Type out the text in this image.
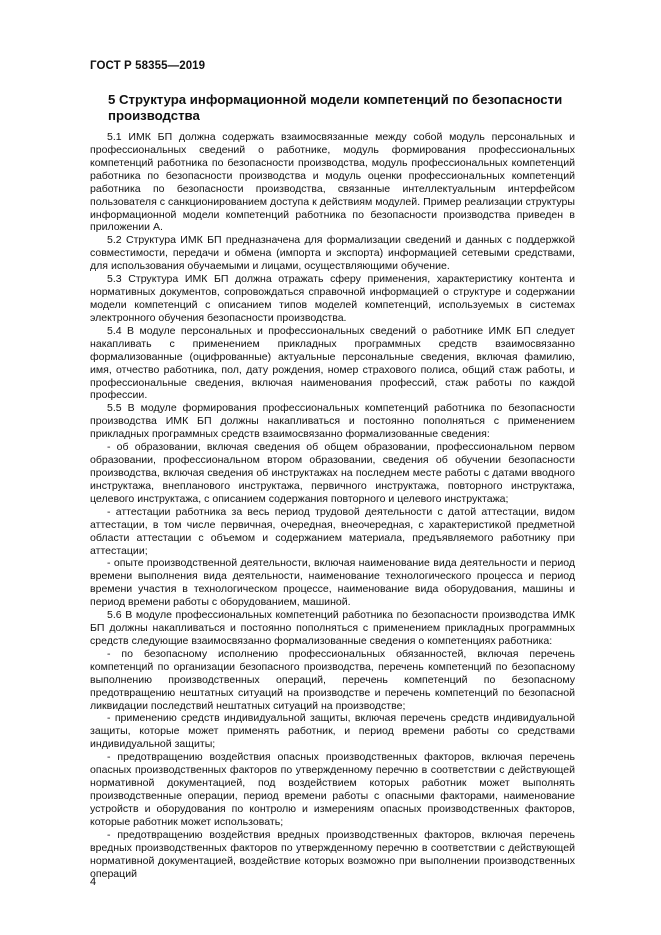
ГОСТ Р 58355—2019
5 Структура информационной модели компетенций по безопасности производства

5.1 ИМК БП должна содержать взаимосвязанные между собой модуль персональных и профессиональных сведений о работнике, модуль формирования профессиональных компетенций работника по безопасности производства, модуль профессиональных компетенций работника по безопасности производства и модуль оценки профессиональных компетенций работника по безопасности производства, связанные интеллектуальным интерфейсом пользователя с санкционированием доступа к действиям модулей. Пример реализации структуры информационной модели компетенций работника по безопасности производства приведен в приложении А.

5.2 Структура ИМК БП предназначена для формализации сведений и данных с поддержкой совместимости, передачи и обмена (импорта и экспорта) информацией сетевыми средствами, для использования обучаемыми и лицами, осуществляющими обучение.

5.3 Структура ИМК БП должна отражать сферу применения, характеристику контента и нормативных документов, сопровождаться справочной информацией о структуре и содержании модели компетенций с описанием типов моделей компетенций, используемых в системах электронного обучения безопасности производства.

5.4 В модуле персональных и профессиональных сведений о работнике ИМК БП следует накапливать с применением прикладных программных средств взаимосвязанно формализованные (оцифрованные) актуальные персональные сведения, включая фамилию, имя, отчество работника, пол, дату рождения, номер страхового полиса, общий стаж работы, и профессиональные сведения, включая наименования профессий, стаж работы по каждой профессии.

5.5 В модуле формирования профессиональных компетенций работника по безопасности производства ИМК БП должны накапливаться и постоянно пополняться с применением прикладных программных средств взаимосвязанно формализованные сведения:

- об образовании, включая сведения об общем образовании, профессиональном первом образовании, профессиональном втором образовании, сведения об обучении безопасности производства, включая сведения об инструктажах на последнем месте работы с датами вводного инструктажа, внепланового инструктажа, первичного инструктажа, повторного инструктажа, целевого инструктажа, с описанием содержания повторного и целевого инструктажа;

- аттестации работника за весь период трудовой деятельности с датой аттестации, видом аттестации, в том числе первичная, очередная, внеочередная, с характеристикой предметной области аттестации с объемом и содержанием материала, предъявляемого работнику при аттестации;

- опыте производственной деятельности, включая наименование вида деятельности и период времени выполнения вида деятельности, наименование технологического процесса и период времени участия в технологическом процессе, наименование вида оборудования, машины и период времени работы с оборудованием, машиной.

5.6 В модуле профессиональных компетенций работника по безопасности производства ИМК БП должны накапливаться и постоянно пополняться с применением прикладных программных средств следующие взаимосвязанно формализованные сведения о компетенциях работника:

- по безопасному исполнению профессиональных обязанностей, включая перечень компетенций по организации безопасного производства, перечень компетенций по безопасному выполнению производственных операций, перечень компетенций по безопасному предотвращению нештатных ситуаций на производстве и перечень компетенций по безопасной ликвидации последствий нештатных ситуаций на производстве;

- применению средств индивидуальной защиты, включая перечень средств индивидуальной защиты, которые может применять работник, и период времени работы со средствами индивидуальной защиты;

- предотвращению воздействия опасных производственных факторов, включая перечень опасных производственных факторов по утвержденному перечню в соответствии с действующей нормативной документацией, под воздействием которых работник может выполнять производственные операции, период времени работы с опасными факторами, наименование устройств и оборудования по контролю и измерениям опасных производственных факторов, которые работник может использовать;

- предотвращению воздействия вредных производственных факторов, включая перечень вредных производственных факторов по утвержденному перечню в соответствии с действующей нормативной документацией, воздействие которых возможно при выполнении производственных операций

4
